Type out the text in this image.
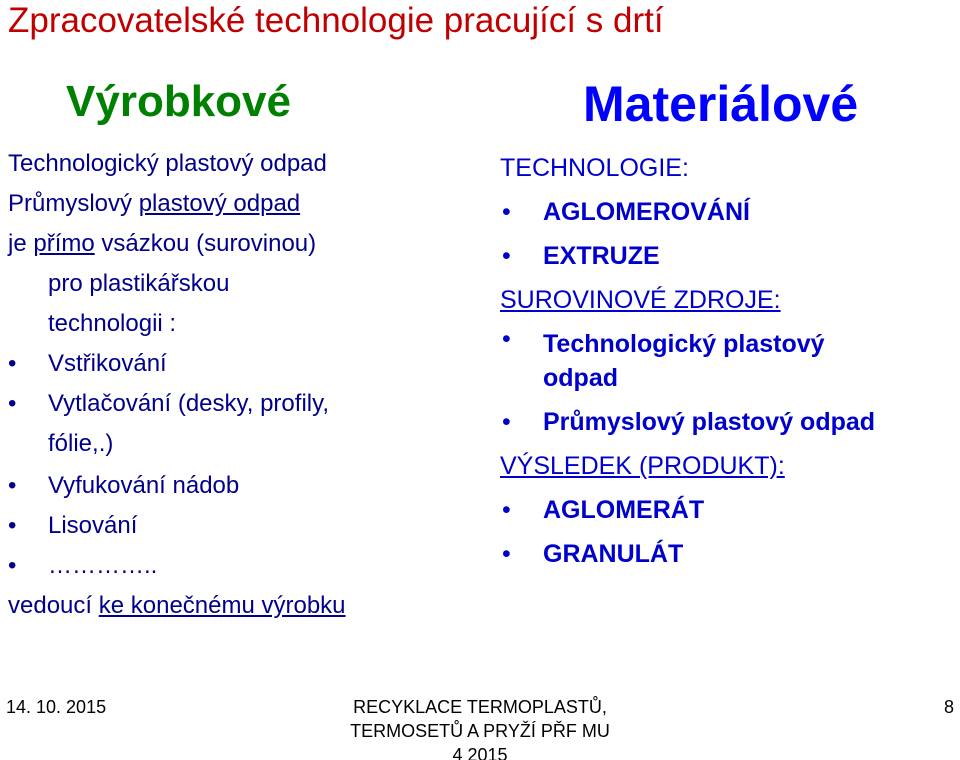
Zpracovatelské technologie pracující s drtí
Výrobkové	Materiálové
Technologický plastový odpad
Průmyslový plastový odpad
je přímo vsázkou (surovinou)
pro plastikářskou
technologii :
• Vstřikování
• Vytlačování (desky, profily,
fólie,.)
• Vyfukování nádob
• Lisování
• …………..
vedoucí ke konečnému výrobku
TECHNOLOGIE:
• AGLOMEROVÁNÍ
• EXTRUZE
SUROVINOVÉ ZDROJE:
• Technologický plastový
odpad
• Průmyslový plastový odpad
VÝSLEDEK (PRODUKT):
• AGLOMERÁT
• GRANULÁT
14. 10. 2015	RECYKLACE TERMOPLASTŮ,
TERMOSETŮ A PRYŽÍ PŘF MU
4 2015
8
